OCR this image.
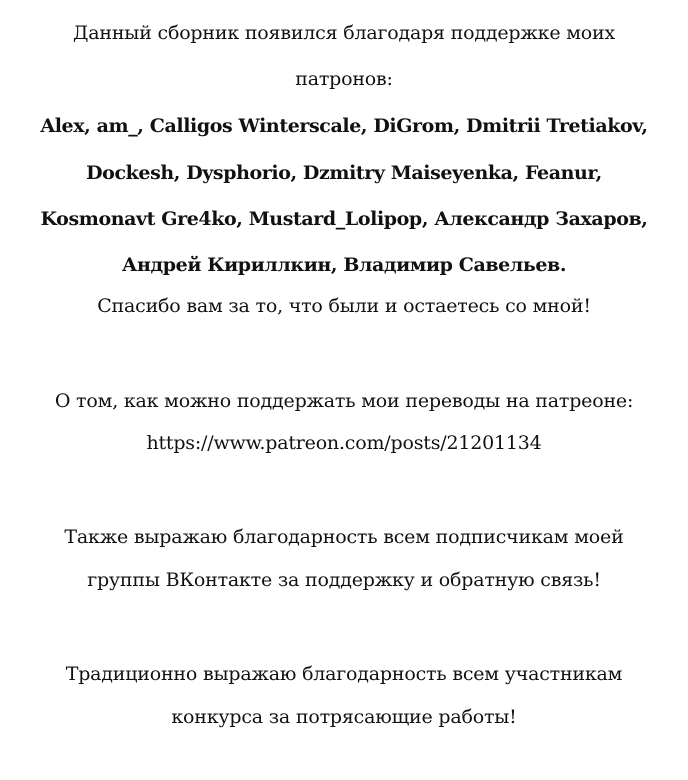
Данный сборник появился благодаря поддержке моих
патронов:
Alex, am_, Calligos Winterscale, DiGrom, Dmitrii Tretiakov,
Dockesh, Dysphorio, Dzmitry Maiseyenka, Feanur,
Kosmonavt Gre4ko, Mustard_Lolipop, Александр Захаров,
Андрей Кириллкин, Владимир Савельев.
Спасибо вам за то, что были и остаетесь со мной!
О том, как можно поддержать мои переводы на патреоне:
https://www.patreon.com/posts/21201134
Также выражаю благодарность всем подписчикам моей
группы ВКонтакте за поддержку и обратную связь!
Традиционно выражаю благодарность всем участникам
конкурса за потрясающие работы!
